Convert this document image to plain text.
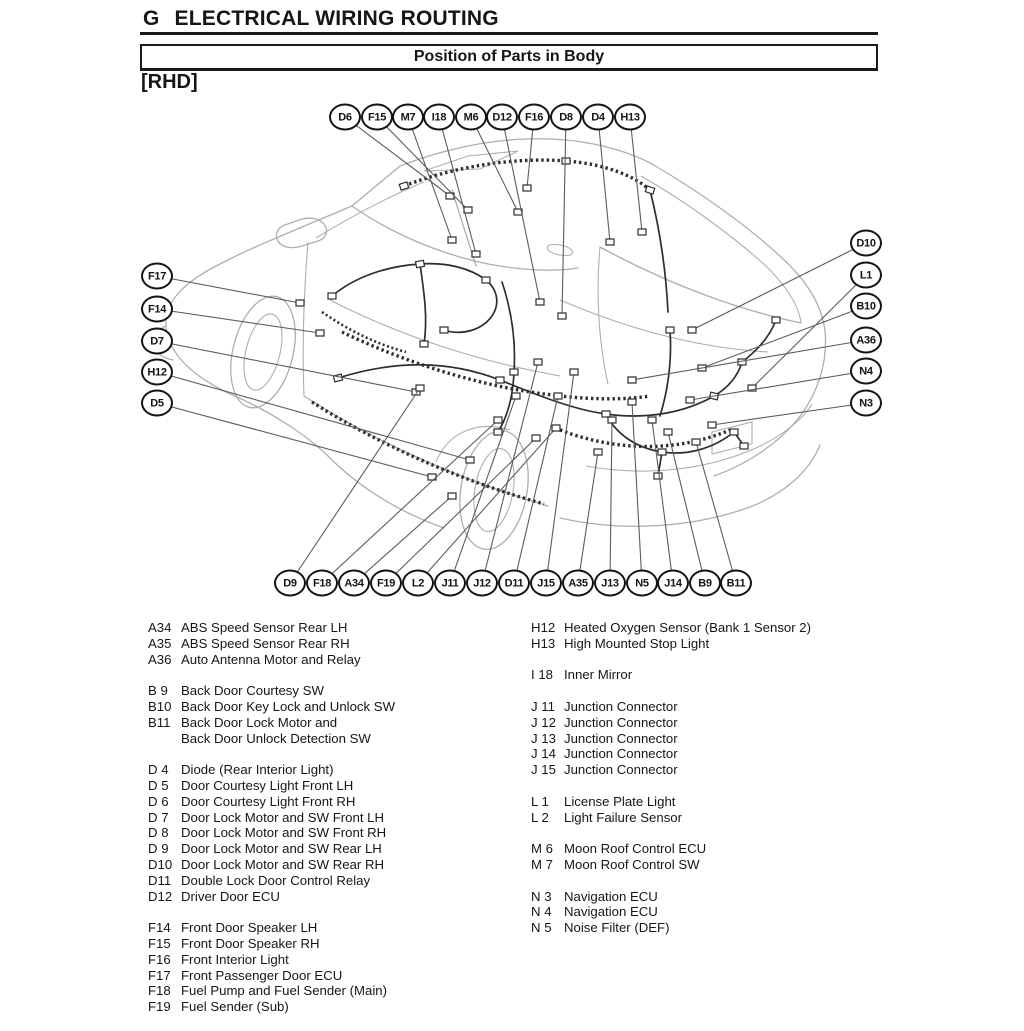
G ELECTRICAL WIRING ROUTING
Position of Parts in Body
[RHD]
D6	F15	M7	I18	M6	D12	F16	D8	D4	H13
F17
F14
D7
H12
D5
D10
L1
B10
A36
N4
N3
D9	F18	A34	F19	L2	J11	J12	D11	J15	A35	J13	N5	J14	B9	B11
A34 ABS Speed Sensor Rear LH
A35 ABS Speed Sensor Rear RH
A36 Auto Antenna Motor and Relay
B 9	Back Door Courtesy SW
B10 Back Door Key Lock and Unlock SW
B11 Back Door Lock Motor and
Back Door Unlock Detection SW
D 4 Diode (Rear Interior Light)
D 5 Door Courtesy Light Front LH
D 6 Door Courtesy Light Front RH
D 7 Door Lock Motor and SW Front LH
D 8 Door Lock Motor and SW Front RH
D 9 Door Lock Motor and SW Rear LH
D10 Door Lock Motor and SW Rear RH
D11 Double Lock Door Control Relay
D12 Driver Door ECU
F14 Front Door Speaker LH
F15 Front Door Speaker RH
F16 Front Interior Light
F17 Front Passenger Door ECU
F18 Fuel Pump and Fuel Sender (Main)
F19 Fuel Sender (Sub)
H12 Heated Oxygen Sensor (Bank 1 Sensor 2)
H13 High Mounted Stop Light
I 18 Inner Mirror
J 11 Junction Connector
J 12 Junction Connector
J 13 Junction Connector
J 14 Junction Connector
J 15 Junction Connector
L 1	License Plate Light
L 2	Light Failure Sensor
M 6 Moon Roof Control ECU
M 7 Moon Roof Control SW
N 3 Navigation ECU
N 4 Navigation ECU
N 5 Noise Filter (DEF)
